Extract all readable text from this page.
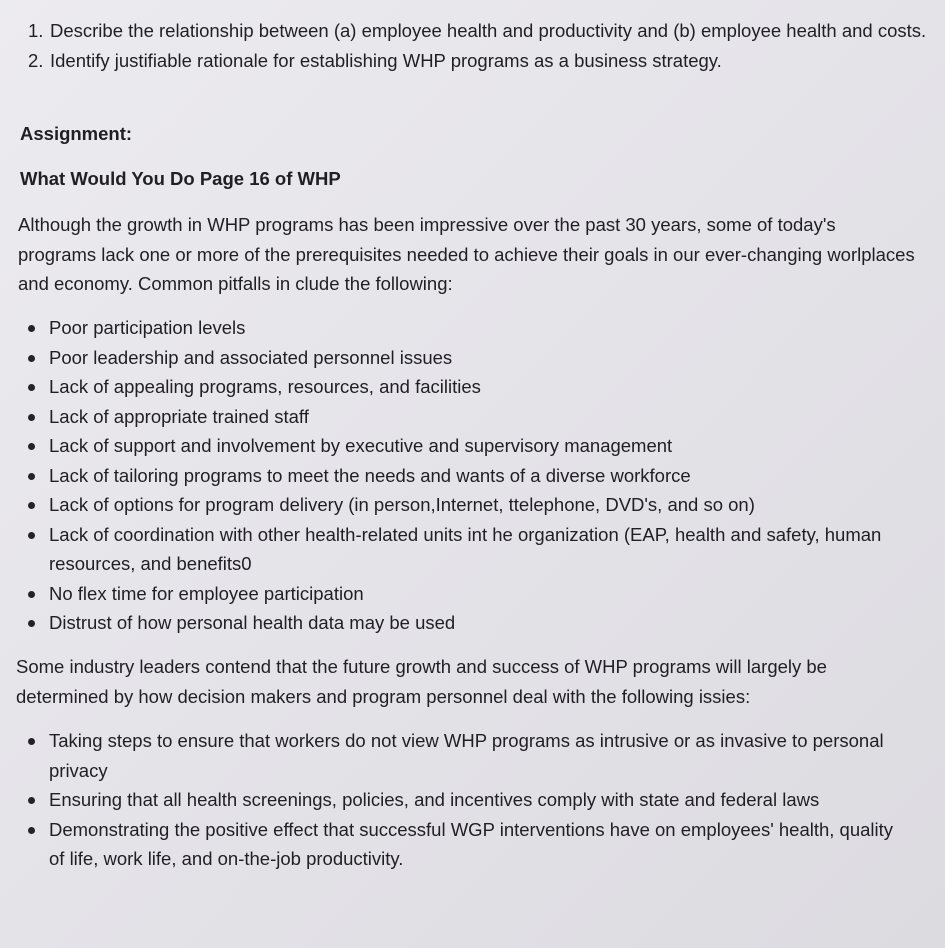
1. Describe the relationship between (a) employee health and productivity and (b) employee health and costs.
2. Identify justifiable rationale for establishing WHP programs as a business strategy.
Assignment:
What Would You Do Page 16 of WHP
Although the growth in WHP programs has been impressive over the past 30 years, some of today's programs lack one or more of the prerequisites needed to achieve their goals in our ever-changing worlplaces and economy. Common pitfalls in clude the following:
Poor participation levels
Poor leadership and associated personnel issues
Lack of appealing programs, resources, and facilities
Lack of appropriate trained staff
Lack of support and involvement by executive and supervisory management
Lack of tailoring programs to meet the needs and wants of a diverse workforce
Lack of options for program delivery (in person,Internet, ttelephone, DVD's, and so on)
Lack of coordination with other health-related units int he organization (EAP, health and safety, human resources, and benefits0
No flex time for employee participation
Distrust of how personal health data may be used
Some industry leaders contend that the future growth and success of WHP programs will largely be determined by how decision makers and program personnel deal with the following issies:
Taking steps to ensure that workers do not view WHP programs as intrusive or as invasive to personal privacy
Ensuring that all health screenings, policies, and incentives comply with state and federal laws
Demonstrating the positive effect that successful WGP interventions have on employees' health, quality of life, work life, and on-the-job productivity.
